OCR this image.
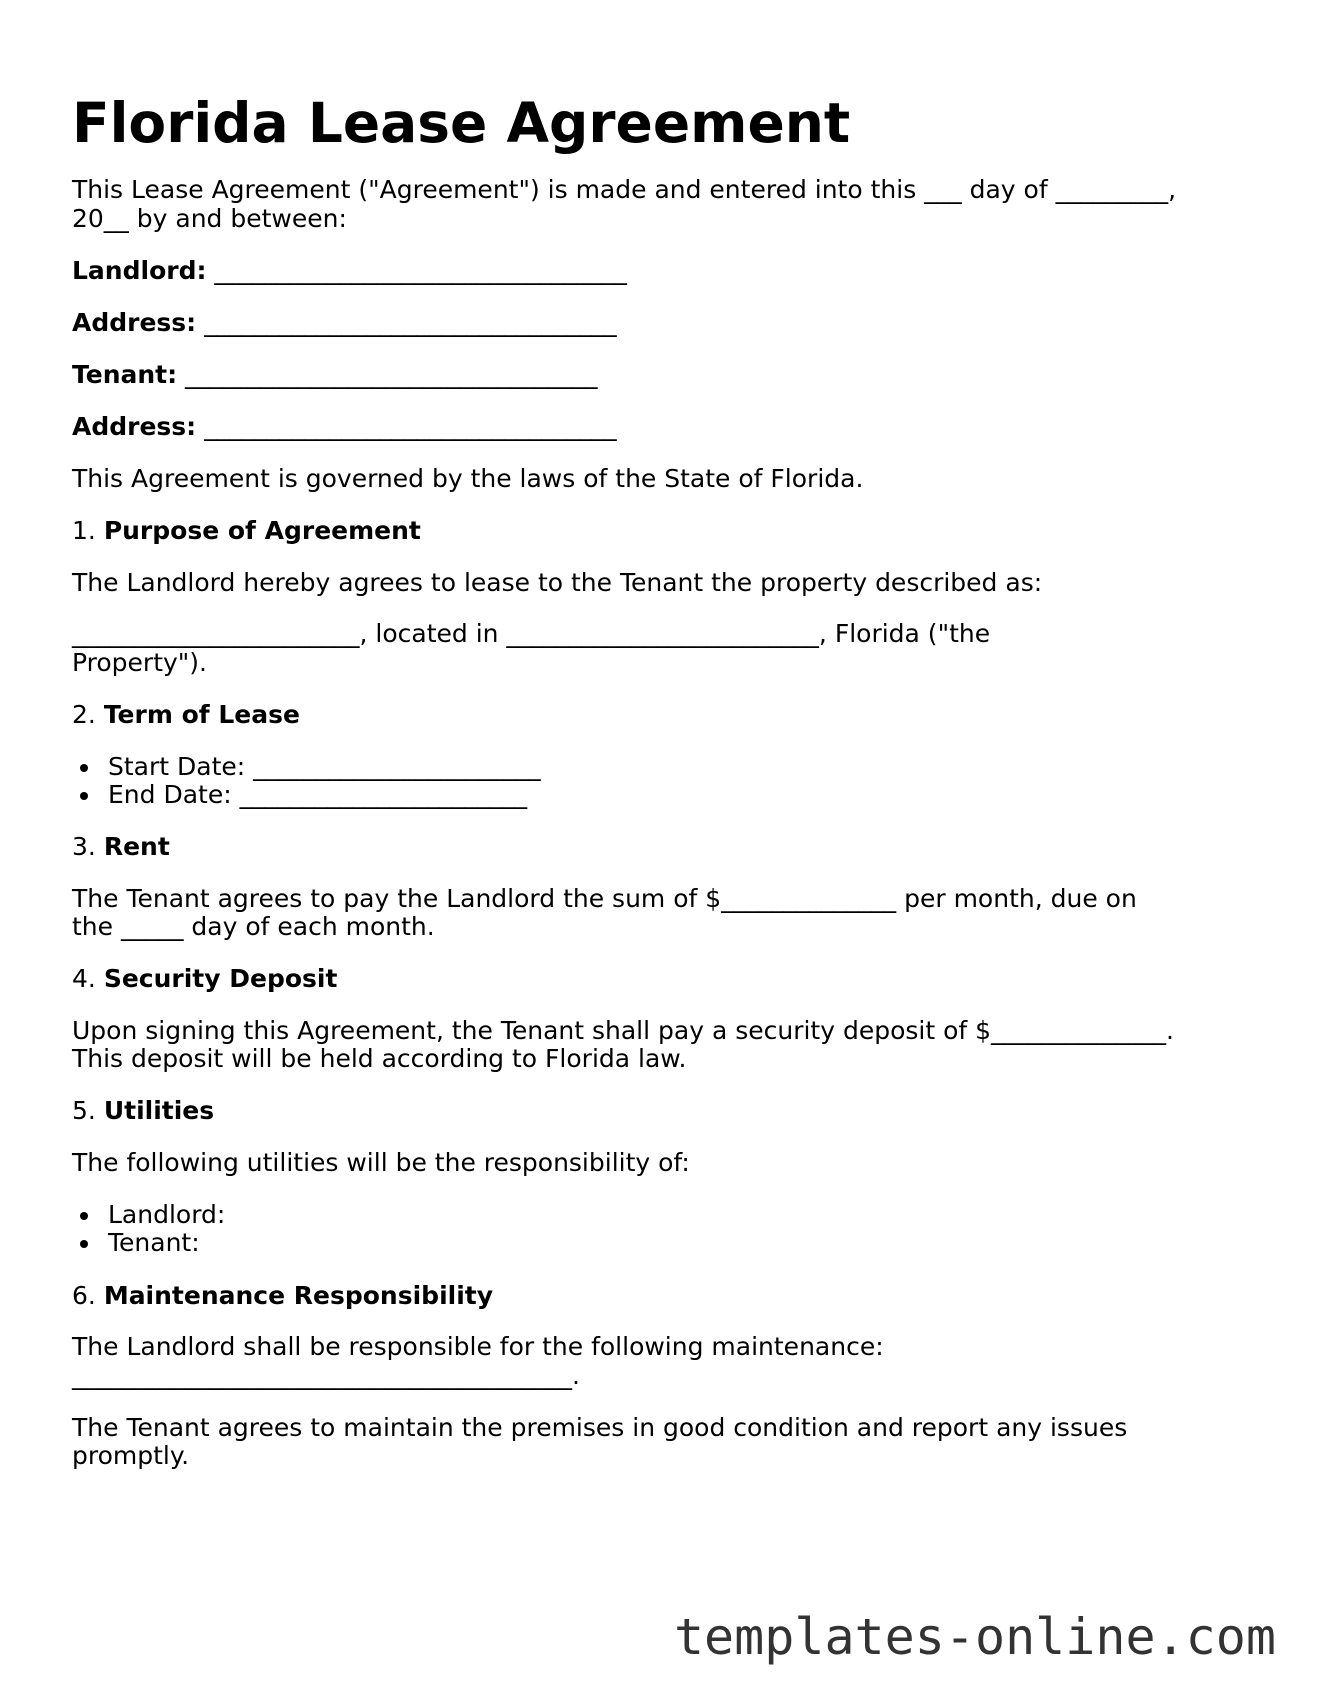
Florida Lease Agreement

This Lease Agreement ("Agreement") is made and entered into this ___ day of _________,

20__ by and between:

Landlord: _________________________________

Address: _________________________________

Tenant: _________________________________

Address: _________________________________

This Agreement is governed by the laws of the State of Florida.

1. Purpose of Agreement

The Landlord hereby agrees to lease to the Tenant the property described as:

_______________________, located in _________________________, Florida ("the

Property").

2. Term of Lease

Start Date: _______________________
End Date: _______________________

3. Rent

The Tenant agrees to pay the Landlord the sum of $______________ per month, due on

the _____ day of each month.

4. Security Deposit

Upon signing this Agreement, the Tenant shall pay a security deposit of $______________.

This deposit will be held according to Florida law.

5. Utilities

The following utilities will be the responsibility of:

Landlord:
Tenant:

6. Maintenance Responsibility

The Landlord shall be responsible for the following maintenance:

________________________________________.

The Tenant agrees to maintain the premises in good condition and report any issues

promptly.

templates-online.com
